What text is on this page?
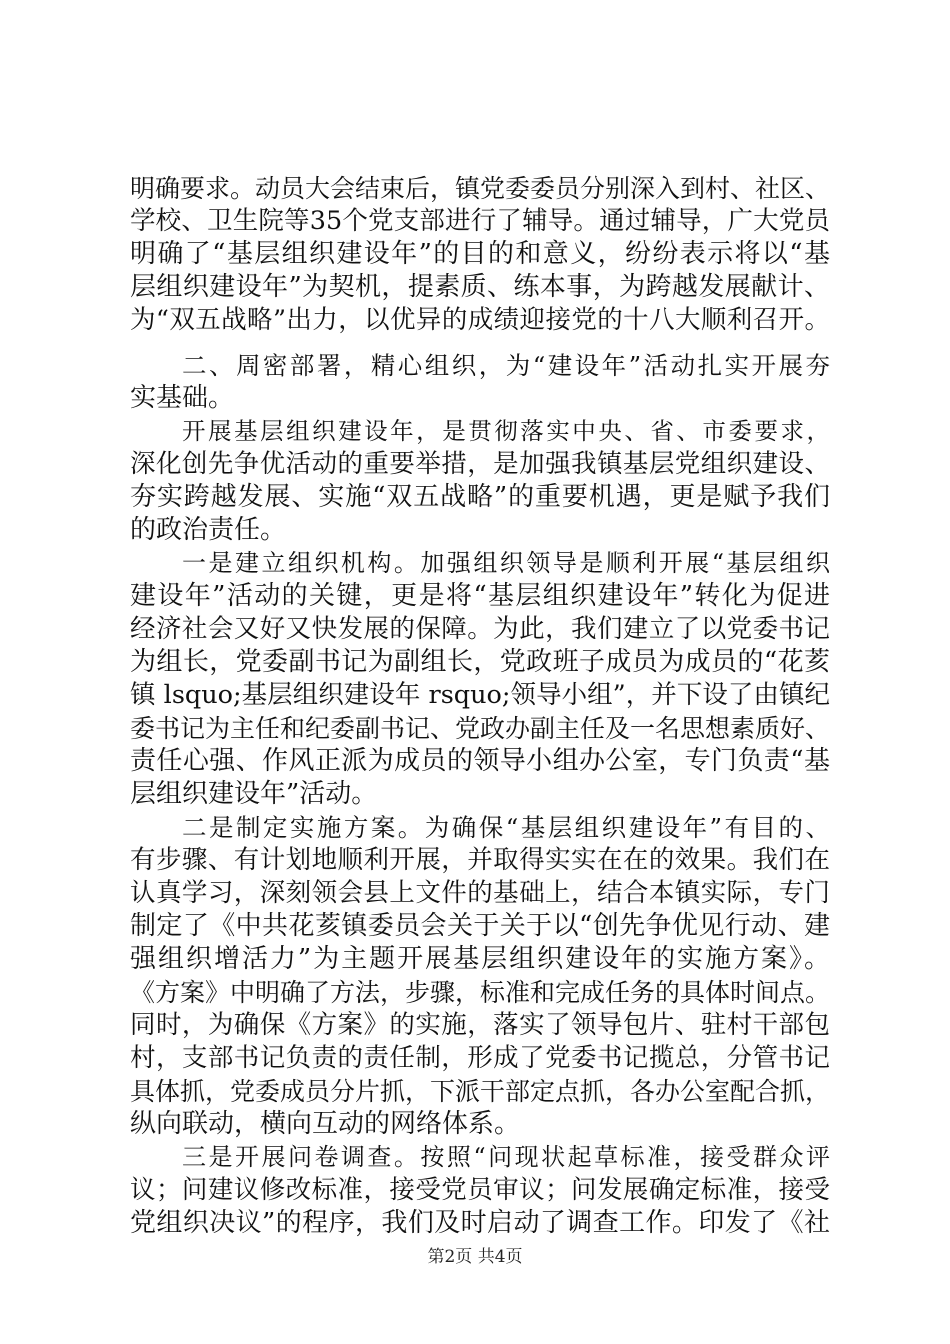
明确要求。动员大会结束后，镇党委委员分别深入到村、社区、
学校、卫生院等35个党支部进行了辅导。通过辅导，广大党员
明确了“基层组织建设年”的目的和意义，纷纷表示将以“基
层组织建设年”为契机，提素质、练本事，为跨越发展献计、
为“双五战略”出力，以优异的成绩迎接党的十八大顺利召开。
二、周密部署，精心组织，为“建设年”活动扎实开展夯
实基础。
开展基层组织建设年，是贯彻落实中央、省、市委要求，
深化创先争优活动的重要举措，是加强我镇基层党组织建设、
夯实跨越发展、实施“双五战略”的重要机遇，更是赋予我们
的政治责任。
一是建立组织机构。加强组织领导是顺利开展“基层组织
建设年”活动的关键，更是将“基层组织建设年”转化为促进
经济社会又好又快发展的保障。为此，我们建立了以党委书记
为组长，党委副书记为副组长，党政班子成员为成员的“花荄
镇 lsquo;基层组织建设年 rsquo;领导小组”，并下设了由镇纪
委书记为主任和纪委副书记、党政办副主任及一名思想素质好、
责任心强、作风正派为成员的领导小组办公室，专门负责“基
层组织建设年”活动。
二是制定实施方案。为确保“基层组织建设年”有目的、
有步骤、有计划地顺利开展，并取得实实在在的效果。我们在
认真学习，深刻领会县上文件的基础上，结合本镇实际，专门
制定了《中共花荄镇委员会关于关于以“创先争优见行动、建
强组织增活力”为主题开展基层组织建设年的实施方案》。
《方案》中明确了方法，步骤，标准和完成任务的具体时间点。
同时，为确保《方案》的实施，落实了领导包片、驻村干部包
村，支部书记负责的责任制，形成了党委书记揽总，分管书记
具体抓，党委成员分片抓，下派干部定点抓，各办公室配合抓，
纵向联动，横向互动的网络体系。
三是开展问卷调查。按照“问现状起草标准，接受群众评
议；问建议修改标准，接受党员审议；问发展确定标准，接受
党组织决议”的程序，我们及时启动了调查工作。印发了《社
第2页 共4页
